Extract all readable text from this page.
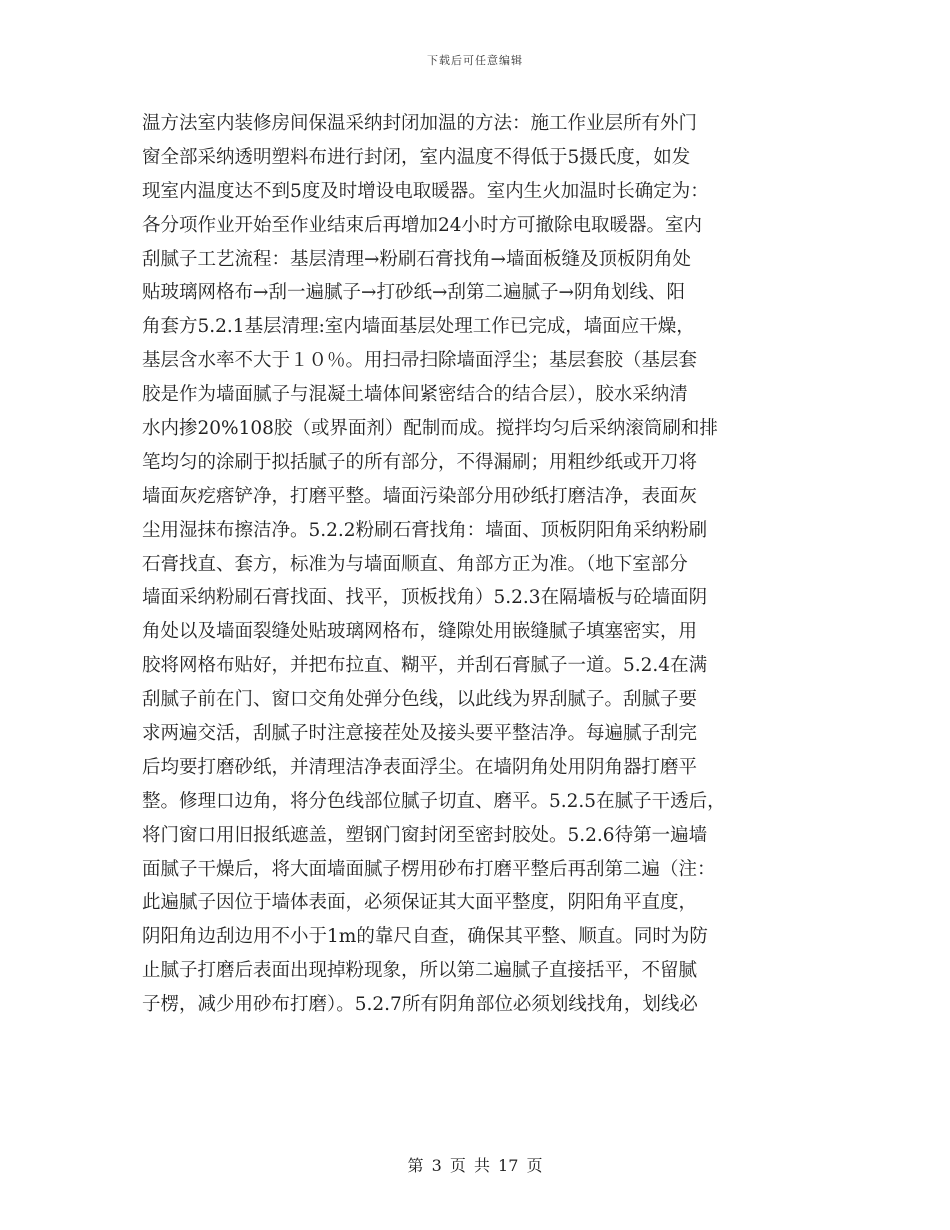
下载后可任意编辑
温方法室内装修房间保温采纳封闭加温的方法：施工作业层所有外门
窗全部采纳透明塑料布进行封闭，室内温度不得低于5摄氏度，如发
现室内温度达不到5度及时增设电取暖器。室内生火加温时长确定为：
各分项作业开始至作业结束后再增加24小时方可撤除电取暖器。室内
刮腻子工艺流程：基层清理→粉刷石膏找角→墙面板缝及顶板阴角处
贴玻璃网格布→刮一遍腻子→打砂纸→刮第二遍腻子→阴角划线、阳
角套方5.2.1基层清理:室内墙面基层处理工作已完成，墙面应干燥，
基层含水率不大于１０％。用扫帚扫除墙面浮尘；基层套胶（基层套
胶是作为墙面腻子与混凝土墙体间紧密结合的结合层），胶水采纳清
水内掺20%108胶（或界面剂）配制而成。搅拌均匀后采纳滚筒刷和排
笔均匀的涂刷于拟括腻子的所有部分，不得漏刷；用粗纱纸或开刀将
墙面灰疙瘩铲净，打磨平整。墙面污染部分用砂纸打磨洁净，表面灰
尘用湿抹布擦洁净。5.2.2粉刷石膏找角：墙面、顶板阴阳角采纳粉刷
石膏找直、套方，标准为与墙面顺直、角部方正为准。（地下室部分
墙面采纳粉刷石膏找面、找平，顶板找角）5.2.3在隔墙板与砼墙面阴
角处以及墙面裂缝处贴玻璃网格布，缝隙处用嵌缝腻子填塞密实，用
胶将网格布贴好，并把布拉直、糊平，并刮石膏腻子一道。5.2.4在满
刮腻子前在门、窗口交角处弹分色线，以此线为界刮腻子。刮腻子要
求两遍交活，刮腻子时注意接茬处及接头要平整洁净。每遍腻子刮完
后均要打磨砂纸，并清理洁净表面浮尘。在墙阴角处用阴角器打磨平
整。修理口边角，将分色线部位腻子切直、磨平。5.2.5在腻子干透后，
将门窗口用旧报纸遮盖，塑钢门窗封闭至密封胶处。5.2.6待第一遍墙
面腻子干燥后，将大面墙面腻子楞用砂布打磨平整后再刮第二遍（注：
此遍腻子因位于墙体表面，必须保证其大面平整度，阴阳角平直度，
阴阳角边刮边用不小于1m的靠尺自查，确保其平整、顺直。同时为防
止腻子打磨后表面出现掉粉现象，所以第二遍腻子直接括平，不留腻
子楞，减少用砂布打磨）。5.2.7所有阴角部位必须划线找角，划线必
第 3 页 共 17 页
